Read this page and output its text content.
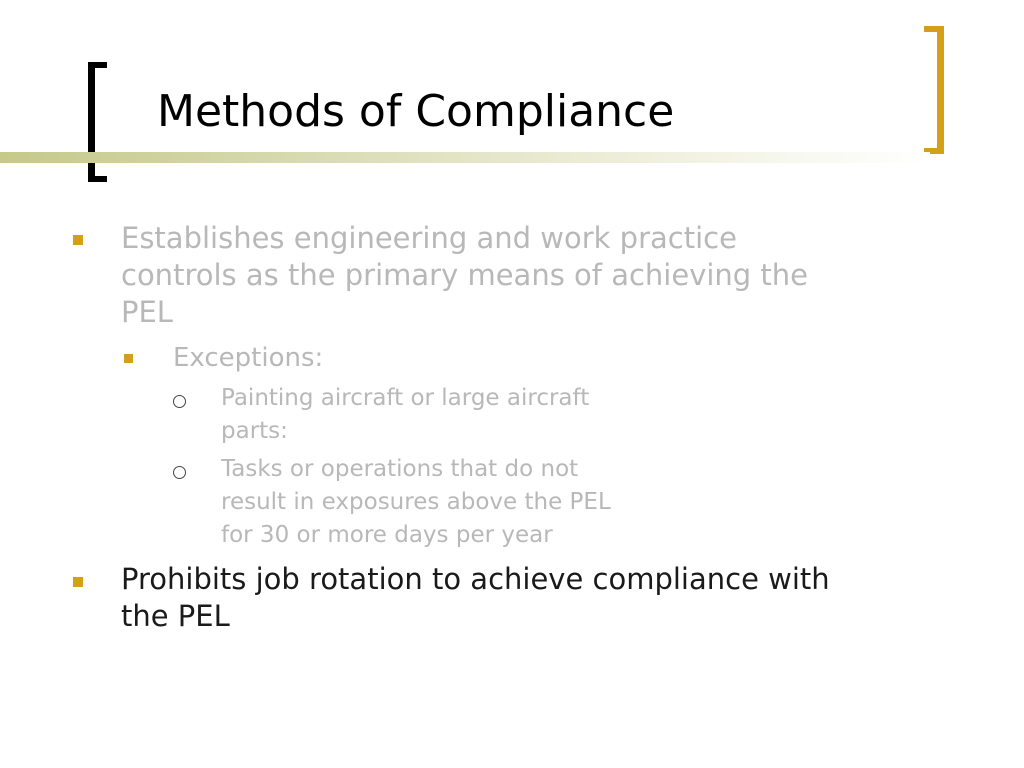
Methods of Compliance
Establishes engineering and work practice
controls as the primary means of achieving the
PEL
Exceptions:
Painting aircraft or large aircraft
parts:
Tasks or operations that do not
result in exposures above the PEL
for 30 or more days per year
Prohibits job rotation to achieve compliance with
the PEL
